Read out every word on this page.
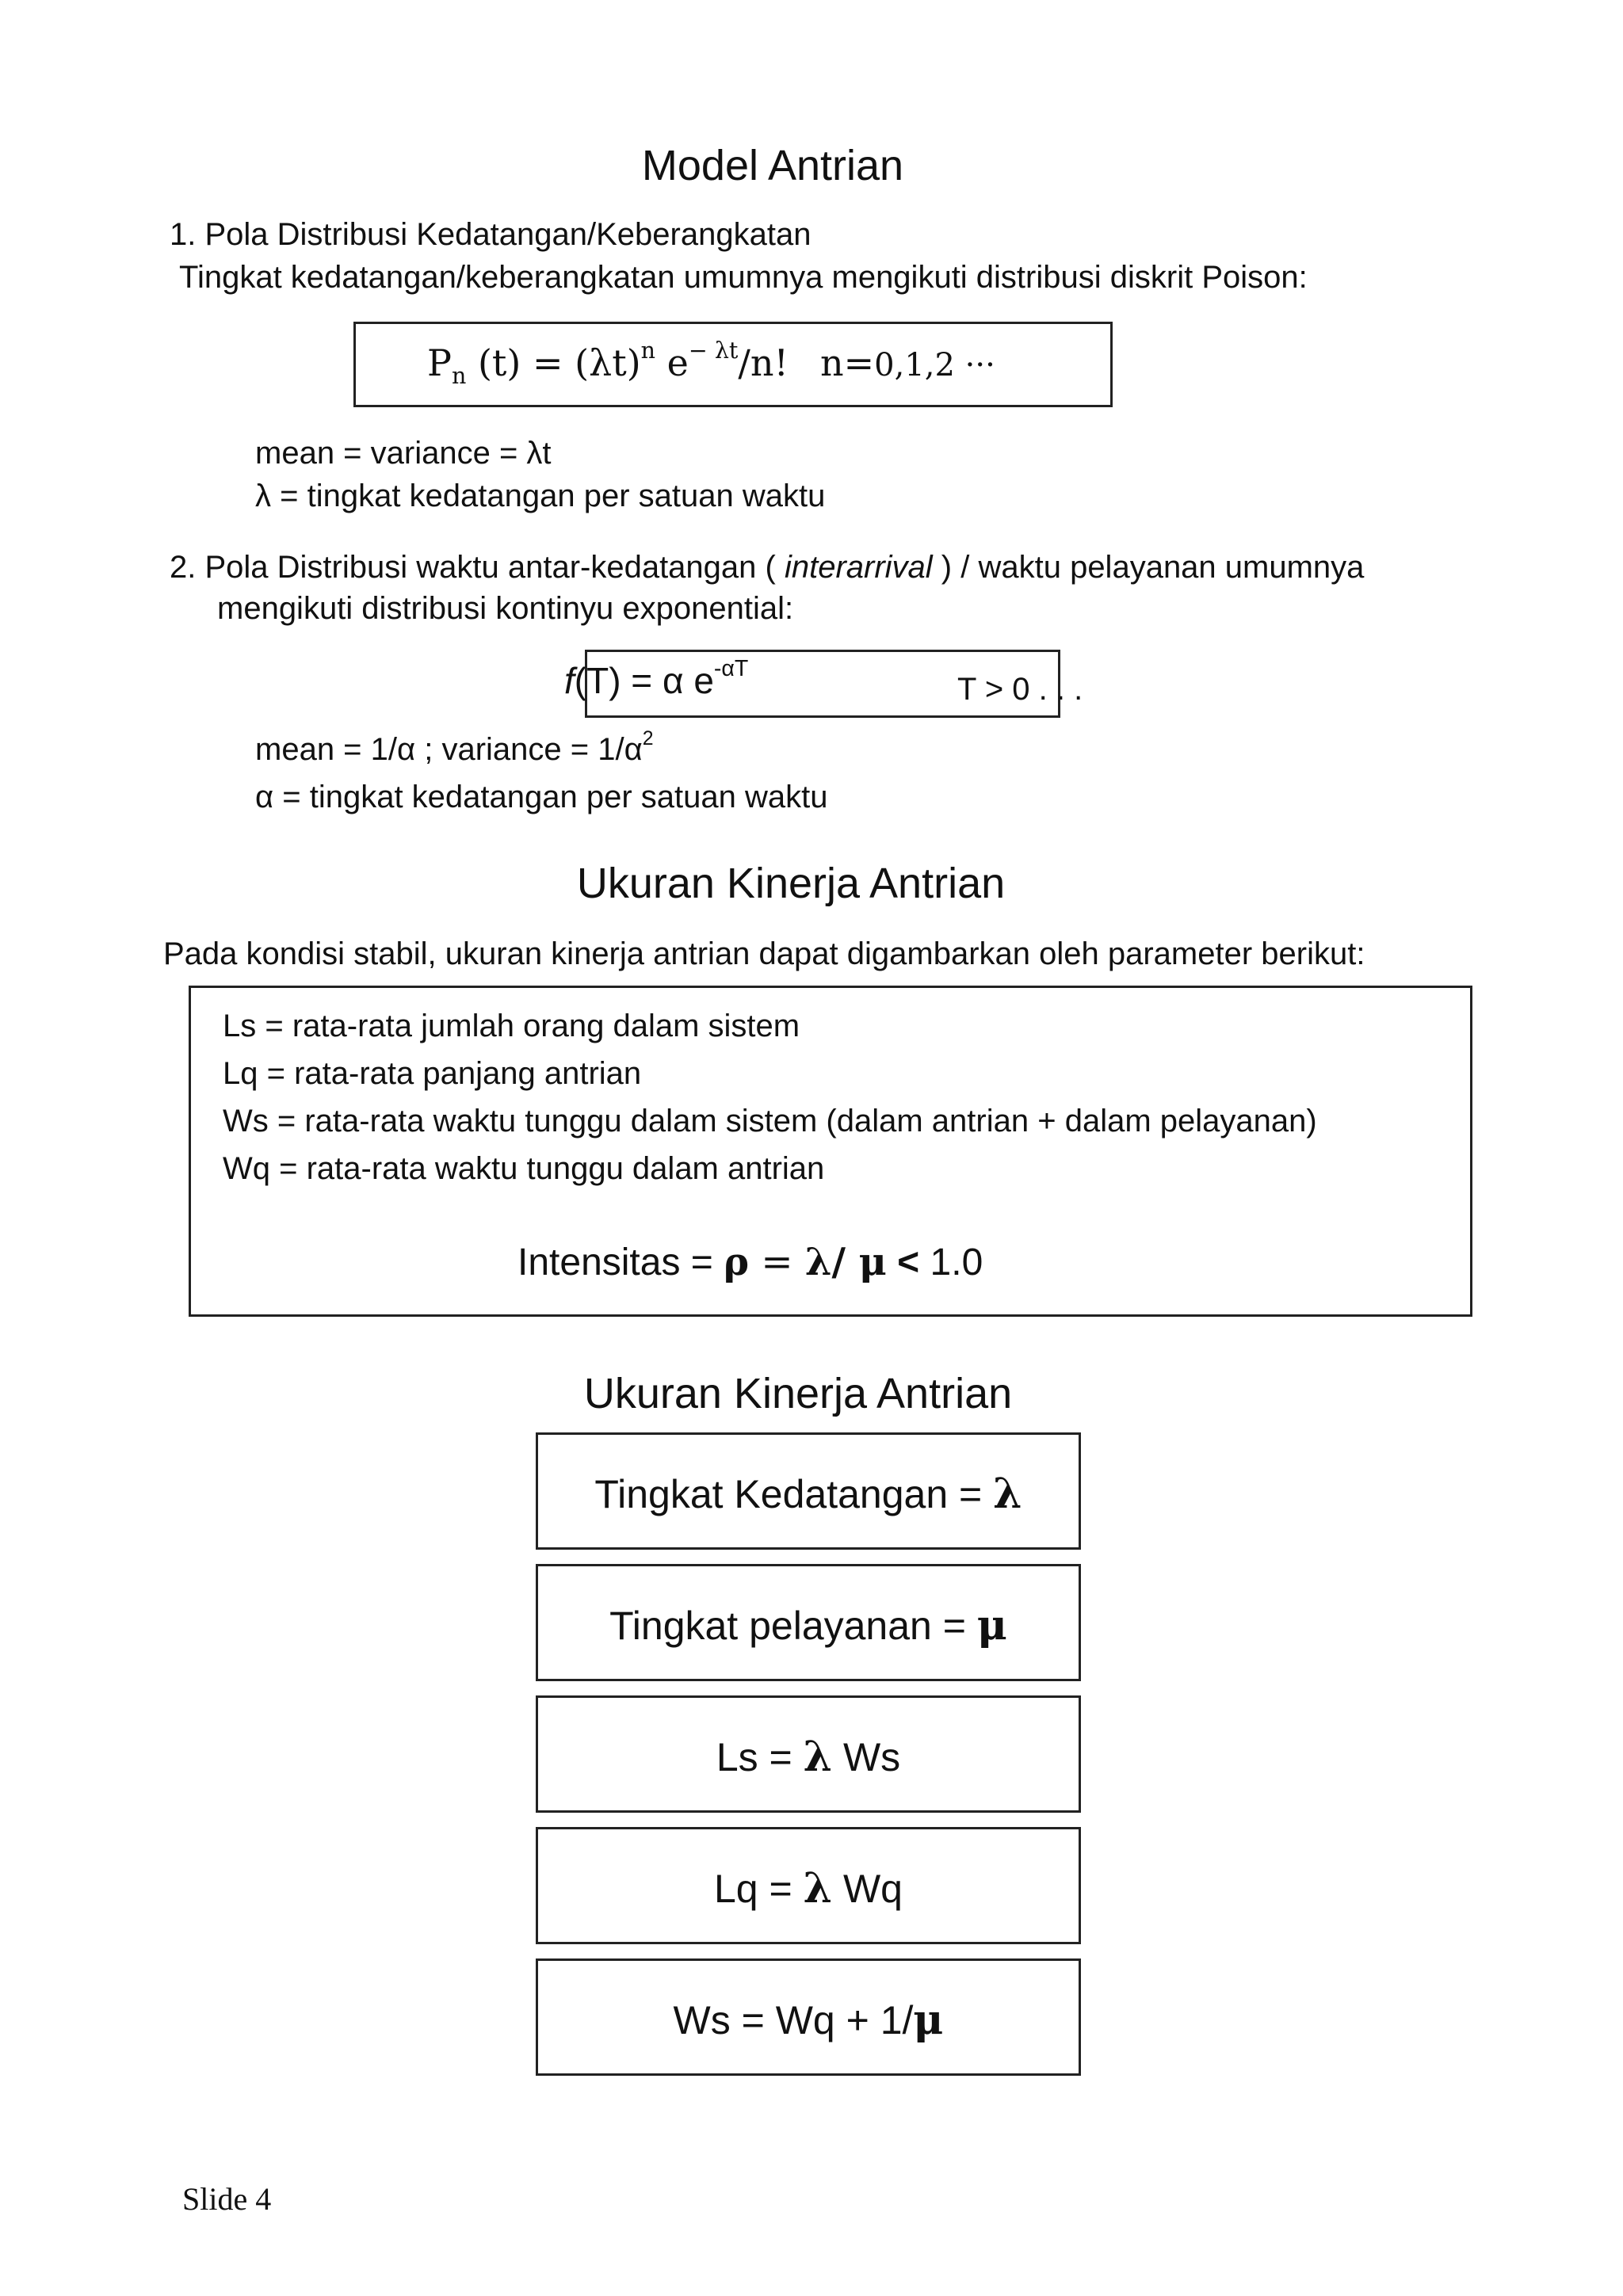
Model Antrian
1. Pola Distribusi Kedatangan/Keberangkatan
Tingkat kedatangan/keberangkatan umumnya mengikuti distribusi diskrit Poison:
$P_n$ $(t) = (\lambda t)^n$ $e^{- \lambda t}/n$! n=0,1,2 ···
mean = variance = λt
λ = tingkat kedatangan per satuan waktu
2. Pola Distribusi waktu antar-kedatangan ( interarrival ) / waktu pelayanan umumnya
mengikuti distribusi kontinyu exponential:
f(T) = α $e^{-\alpha T}$
T > 0 . . .
mean = 1/α ; variance = $1/\alpha^2$
α = tingkat kedatangan per satuan waktu
Ukuran Kinerja Antrian
Pada kondisi stabil, ukuran kinerja antrian dapat digambarkan oleh parameter berikut:
Ls = rata-rata jumlah orang dalam sistem
Lq = rata-rata panjang antrian
Ws = rata-rata waktu tunggu dalam sistem (dalam antrian + dalam pelayanan)
Wq = rata-rata waktu tunggu dalam antrian
Intensitas = ρ = λ/ μ < 1.0
Ukuran Kinerja Antrian
Tingkat Kedatangan = λ
Tingkat pelayanan = μ
Ls = λ Ws
Lq = λ Wq
Ws = Wq + 1/μ
Slide 4
